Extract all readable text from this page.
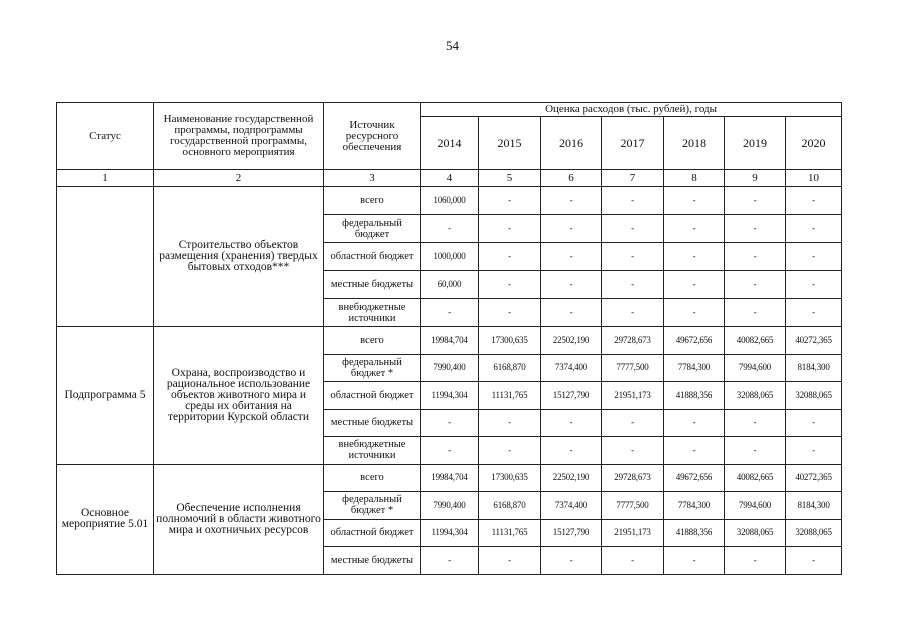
54
Статус	Наименование государственной программы, подпрограммы государственной программы, основного мероприятия	Источник ресурсного обеспечения	Оценка расходов (тыс. рублей), годы						
			2014	2015	2016	2017	2018	2019	2020
1	2	3	4	5	6	7	8	9	10
	Строительство объектов размещения (хранения) твердых бытовых отходов***	всего	1060,000	-	-	-	-	-	-
		федеральный бюджет	-	-	-	-	-	-	-
		областной бюджет	1000,000	-	-	-	-	-	-
		местные бюджеты	60,000	-	-	-	-	-	-
		внебюджетные источники	-	-	-	-	-	-	-
Подпрограмма 5	Охрана, воспроизводство и рациональное использование объектов животного мира и среды их обитания на территории Курской области	всего	19984,704	17300,635	22502,190	29728,673	49672,656	40082,665	40272,365
		федеральный бюджет *	7990,400	6168,870	7374,400	7777,500	7784,300	7994,600	8184,300
		областной бюджет	11994,304	11131,765	15127,790	21951,173	41888,356	32088,065	32088,065
		местные бюджеты	-	-	-	-	-	-	-
		внебюджетные источники	-	-	-	-	-	-	-
Основное мероприятие 5.01	Обеспечение исполнения полномочий в области животного мира и охотничьих ресурсов	всего	19984,704	17300,635	22502,190	29728,673	49672,656	40082,665	40272,365
		федеральный бюджет *	7990,400	6168,870	7374,400	7777,500	7784,300	7994,600	8184,300
		областной бюджет	11994,304	11131,765	15127,790	21951,173	41888,356	32088,065	32088,065
		местные бюджеты	-	-	-	-	-	-	-
